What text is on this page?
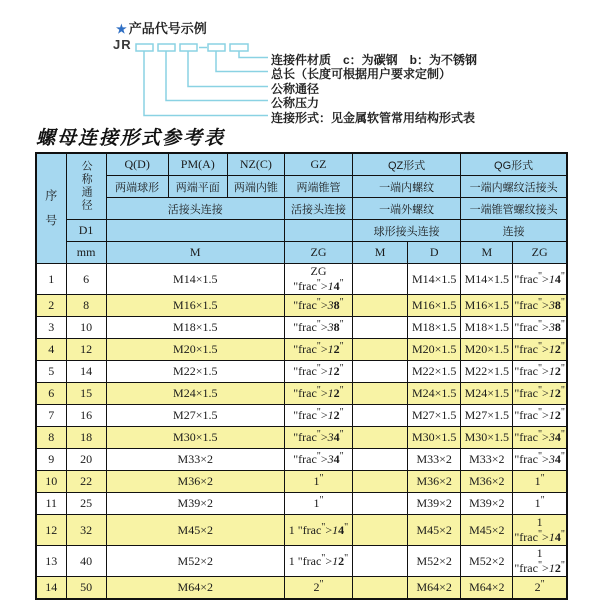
★ 产品代号示例
JR
连接件材质　c：为碳钢　b：为不锈钢
总长（长度可根据用户要求定制）
公称通径
公称压力
连接形式：见金属软管常用结构形式表
螺母连接形式参考表
序号	公称通径	Q(D)	PM(A)	NZ(C)	GZ	QZ形式		QG形式	
		两端球形	两端平面	两端内锥	两端锥管	一端内螺纹		一端内螺纹活接头	
		活接头连接			活接头连接	一端外螺纹		一端锥管螺纹接头	
	D1					球形接头连接		连接	
	mm	M			ZG	M	D	M	ZG
1	6	M14×1.5			ZG "frac">14"		M14×1.5	M14×1.5	"frac">14"
2	8	M16×1.5			"frac">38"		M16×1.5	M16×1.5	"frac">38"
3	10	M18×1.5			"frac">38"		M18×1.5	M18×1.5	"frac">38"
4	12	M20×1.5			"frac">12"		M20×1.5	M20×1.5	"frac">12"
5	14	M22×1.5			"frac">12"		M22×1.5	M22×1.5	"frac">12"
6	15	M24×1.5			"frac">12"		M24×1.5	M24×1.5	"frac">12"
7	16	M27×1.5			"frac">12"		M27×1.5	M27×1.5	"frac">12"
8	18	M30×1.5			"frac">34"		M30×1.5	M30×1.5	"frac">34"
9	20	M33×2			"frac">34"		M33×2	M33×2	"frac">34"
10	22	M36×2			1"		M36×2	M36×2	1"
11	25	M39×2			1"		M39×2	M39×2	1"
12	32	M45×2			1 "frac">14"		M45×2	M45×2	1 "frac">14"
13	40	M52×2			1 "frac">12"		M52×2	M52×2	1 "frac">12"
14	50	M64×2			2"		M64×2	M64×2	2"
